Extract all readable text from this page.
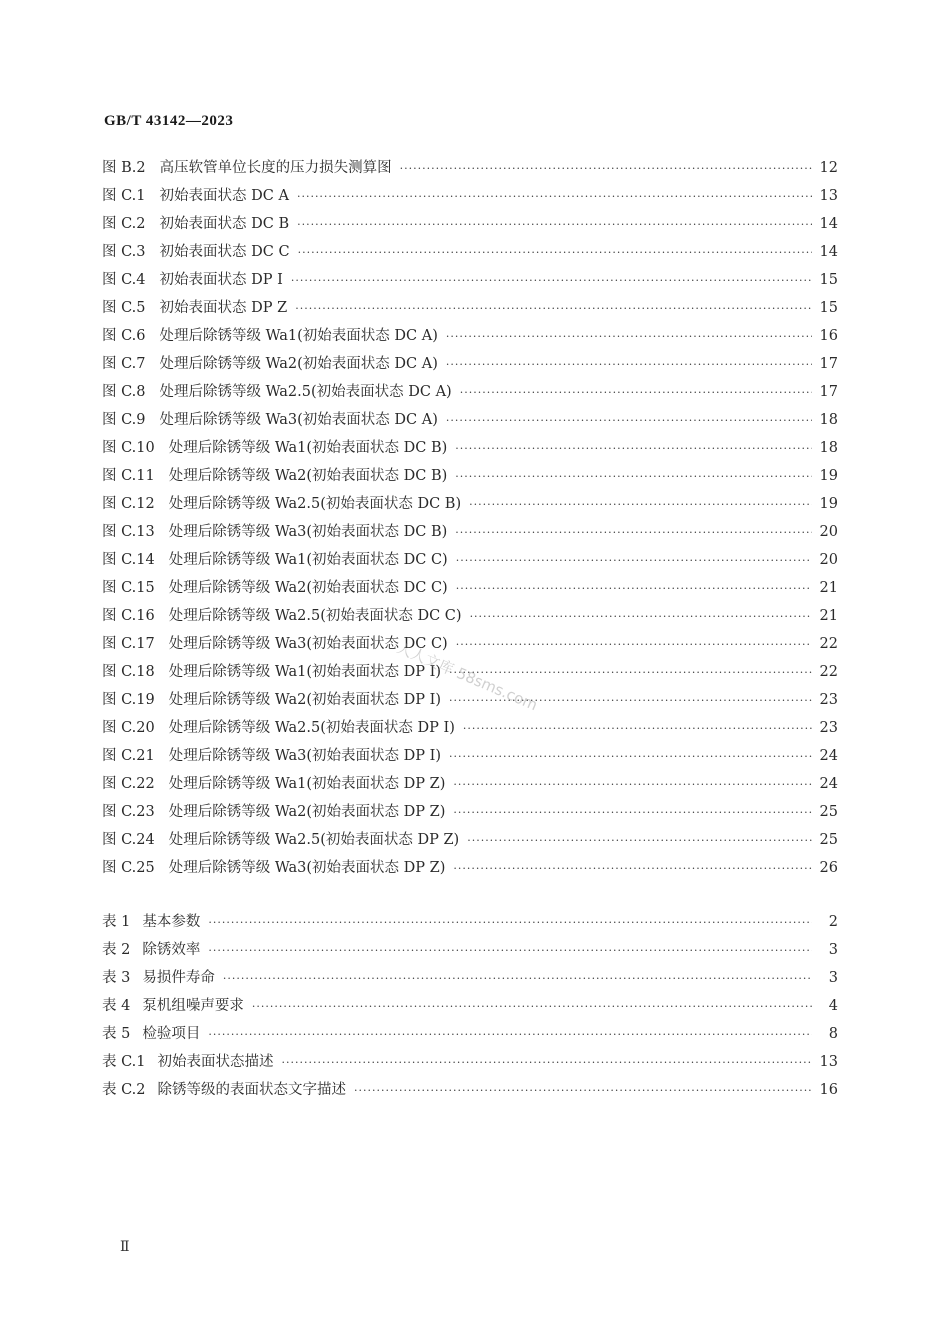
GB/T 43142—2023
图 B.2 高压软管单位长度的压力损失测算图 ·····	12
图 C.1 初始表面状态 DC A ·····	13
图 C.2 初始表面状态 DC B ·····	14
图 C.3 初始表面状态 DC C ·····	14
图 C.4 初始表面状态 DP I ·····	15
图 C.5 初始表面状态 DP Z ·····	15
图 C.6 处理后除锈等级 Wa1(初始表面状态 DC A) ·····	16
图 C.7 处理后除锈等级 Wa2(初始表面状态 DC A) ·····	17
图 C.8 处理后除锈等级 Wa2.5(初始表面状态 DC A) ·····	17
图 C.9 处理后除锈等级 Wa3(初始表面状态 DC A) ·····	18
图 C.10 处理后除锈等级 Wa1(初始表面状态 DC B) ·····	18
图 C.11 处理后除锈等级 Wa2(初始表面状态 DC B) ·····	19
图 C.12 处理后除锈等级 Wa2.5(初始表面状态 DC B) ·····	19
图 C.13 处理后除锈等级 Wa3(初始表面状态 DC B) ·····	20
图 C.14 处理后除锈等级 Wa1(初始表面状态 DC C) ·····	20
图 C.15 处理后除锈等级 Wa2(初始表面状态 DC C) ·····	21
图 C.16 处理后除锈等级 Wa2.5(初始表面状态 DC C) ·····	21
图 C.17 处理后除锈等级 Wa3(初始表面状态 DC C) ·····	22
图 C.18 处理后除锈等级 Wa1(初始表面状态 DP I) ·····	22
图 C.19 处理后除锈等级 Wa2(初始表面状态 DP I) ·····	23
图 C.20 处理后除锈等级 Wa2.5(初始表面状态 DP I) ·····	23
图 C.21 处理后除锈等级 Wa3(初始表面状态 DP I) ·····	24
图 C.22 处理后除锈等级 Wa1(初始表面状态 DP Z) ·····	24
图 C.23 处理后除锈等级 Wa2(初始表面状态 DP Z) ·····	25
图 C.24 处理后除锈等级 Wa2.5(初始表面状态 DP Z) ·····	25
图 C.25 处理后除锈等级 Wa3(初始表面状态 DP Z) ·····	26
表 1 基本参数 ·····	2
表 2 除锈效率 ·····	3
表 3 易损件寿命 ·····	3
表 4 泵机组噪声要求 ·····	4
表 5 检验项目 ·····	8
表 C.1 初始表面状态描述 ·····	13
表 C.2 除锈等级的表面状态文字描述 ·····	16
人人文库 58sms.com
Ⅱ
